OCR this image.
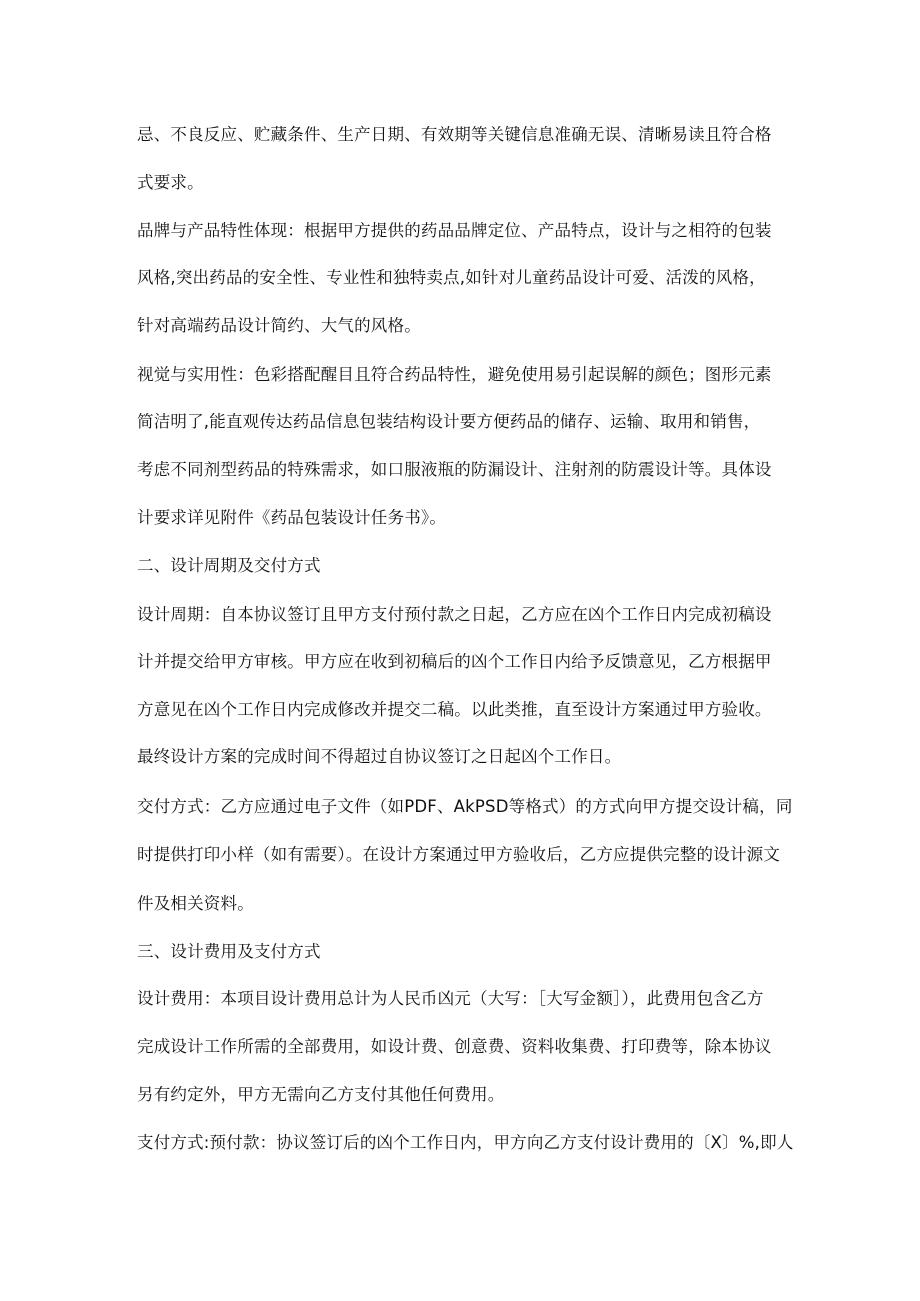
忌、不良反应、贮藏条件、生产日期、有效期等关键信息准确无误、清晰易读且符合格
式要求。
品牌与产品特性体现：根据甲方提供的药品品牌定位、产品特点，设计与之相符的包装
风格,突出药品的安全性、专业性和独特卖点,如针对儿童药品设计可爱、活泼的风格，
针对高端药品设计简约、大气的风格。
视觉与实用性：色彩搭配醒目且符合药品特性，避免使用易引起误解的颜色；图形元素
简洁明了,能直观传达药品信息包装结构设计要方便药品的储存、运输、取用和销售，
考虑不同剂型药品的特殊需求，如口服液瓶的防漏设计、注射剂的防震设计等。具体设
计要求详见附件《药品包装设计任务书》。
二、设计周期及交付方式
设计周期：自本协议签订且甲方支付预付款之日起，乙方应在凶个工作日内完成初稿设
计并提交给甲方审核。甲方应在收到初稿后的凶个工作日内给予反馈意见，乙方根据甲
方意见在凶个工作日内完成修改并提交二稿。以此类推，直至设计方案通过甲方验收。
最终设计方案的完成时间不得超过自协议签订之日起凶个工作日。
交付方式：乙方应通过电子文件（如PDF、AkPSD等格式）的方式向甲方提交设计稿，同
时提供打印小样（如有需要）。在设计方案通过甲方验收后，乙方应提供完整的设计源文
件及相关资料。
三、设计费用及支付方式
设计费用：本项目设计费用总计为人民币凶元（大写：［大写金额］），此费用包含乙方
完成设计工作所需的全部费用，如设计费、创意费、资料收集费、打印费等，除本协议
另有约定外，甲方无需向乙方支付其他任何费用。
支付方式:预付款：协议签订后的凶个工作日内，甲方向乙方支付设计费用的〔X〕%,即人
